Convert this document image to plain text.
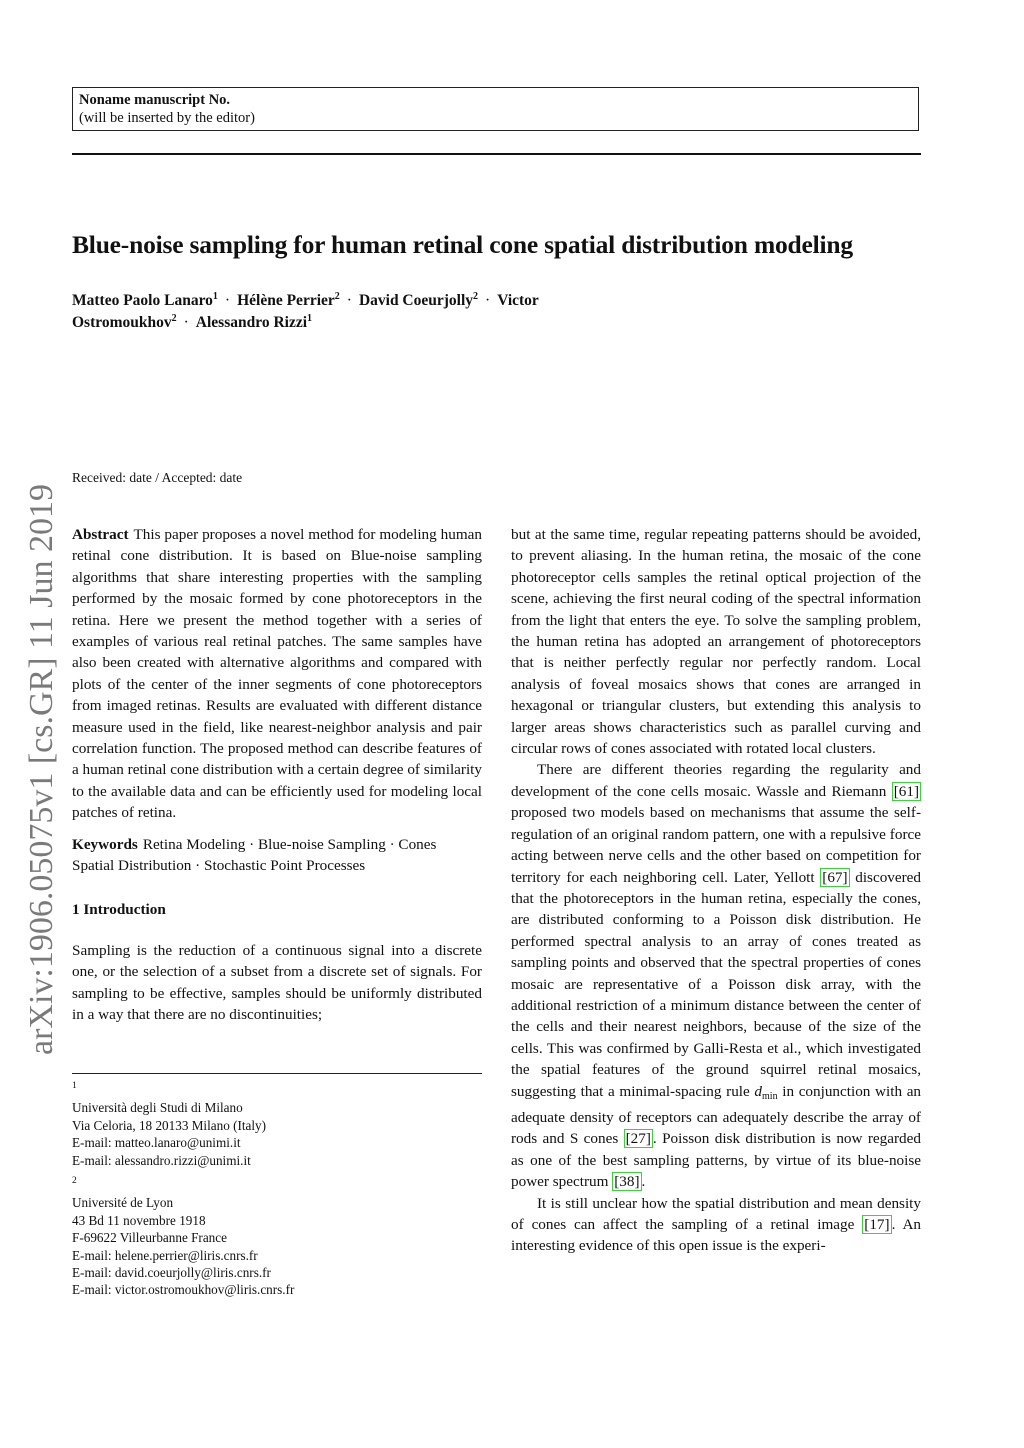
Noname manuscript No.
(will be inserted by the editor)
Blue-noise sampling for human retinal cone spatial distribution modeling
Matteo Paolo Lanaro$^1$ · Hélène Perrier$^2$ · David Coeurjolly$^2$ · Victor
Ostromoukhov$^2$ · Alessandro Rizzi$^1$
arXiv:1906.05075v1 [cs.GR] 11 Jun 2019
Received: date / Accepted: date

Abstract This paper proposes a novel method for modeling human retinal cone distribution. It is based on Blue-noise sampling algorithms that share interesting properties with the sampling performed by the mosaic formed by cone photoreceptors in the retina. Here we present the method together with a series of examples of various real retinal patches. The same samples have also been created with alternative algorithms and compared with plots of the center of the inner segments of cone photoreceptors from imaged retinas. Results are evaluated with different distance measure used in the field, like nearest-neighbor analysis and pair correlation function. The proposed method can describe features of a human retinal cone distribution with a certain degree of similarity to the available data and can be efficiently used for modeling local patches of retina.

Keywords Retina Modeling · Blue-noise Sampling · Cones Spatial Distribution · Stochastic Point Processes

1 Introduction

Sampling is the reduction of a continuous signal into a discrete one, or the selection of a subset from a discrete set of signals. For sampling to be effective, samples should be uniformly distributed in a way that there are no discontinuities;

1
Università degli Studi di Milano
Via Celoria, 18 20133 Milano (Italy)
E-mail: matteo.lanaro@unimi.it
E-mail: alessandro.rizzi@unimi.it
2
Université de Lyon
43 Bd 11 novembre 1918
F-69622 Villeurbanne France
E-mail: helene.perrier@liris.cnrs.fr
E-mail: david.coeurjolly@liris.cnrs.fr
E-mail: victor.ostromoukhov@liris.cnrs.fr

but at the same time, regular repeating patterns should be avoided, to prevent aliasing. In the human retina, the mosaic of the cone photoreceptor cells samples the retinal optical projection of the scene, achieving the first neural coding of the spectral information from the light that enters the eye. To solve the sampling problem, the human retina has adopted an arrangement of photoreceptors that is neither perfectly regular nor perfectly random. Local analysis of foveal mosaics shows that cones are arranged in hexagonal or triangular clusters, but extending this analysis to larger areas shows characteristics such as parallel curving and circular rows of cones associated with rotated local clusters.

There are different theories regarding the regularity and development of the cone cells mosaic. Wassle and Riemann [61] proposed two models based on mechanisms that assume the self-regulation of an original random pattern, one with a repulsive force acting between nerve cells and the other based on competition for territory for each neighboring cell. Later, Yellott [67] discovered that the photoreceptors in the human retina, especially the cones, are distributed conforming to a Poisson disk distribution. He performed spectral analysis to an array of cones treated as sampling points and observed that the spectral properties of cones mosaic are representative of a Poisson disk array, with the additional restriction of a minimum distance between the center of the cells and their nearest neighbors, because of the size of the cells. This was confirmed by Galli-Resta et al., which investigated the spatial features of the ground squirrel retinal mosaics, suggesting that a minimal-spacing rule $d_{min}$ in conjunction with an adequate density of receptors can adequately describe the array of rods and S cones [27] . Poisson disk distribution is now regarded as one of the best sampling patterns, by virtue of its blue-noise power spectrum [38] .

It is still unclear how the spatial distribution and mean density of cones can affect the sampling of a retinal image [17] . An interesting evidence of this open issue is the experi-
